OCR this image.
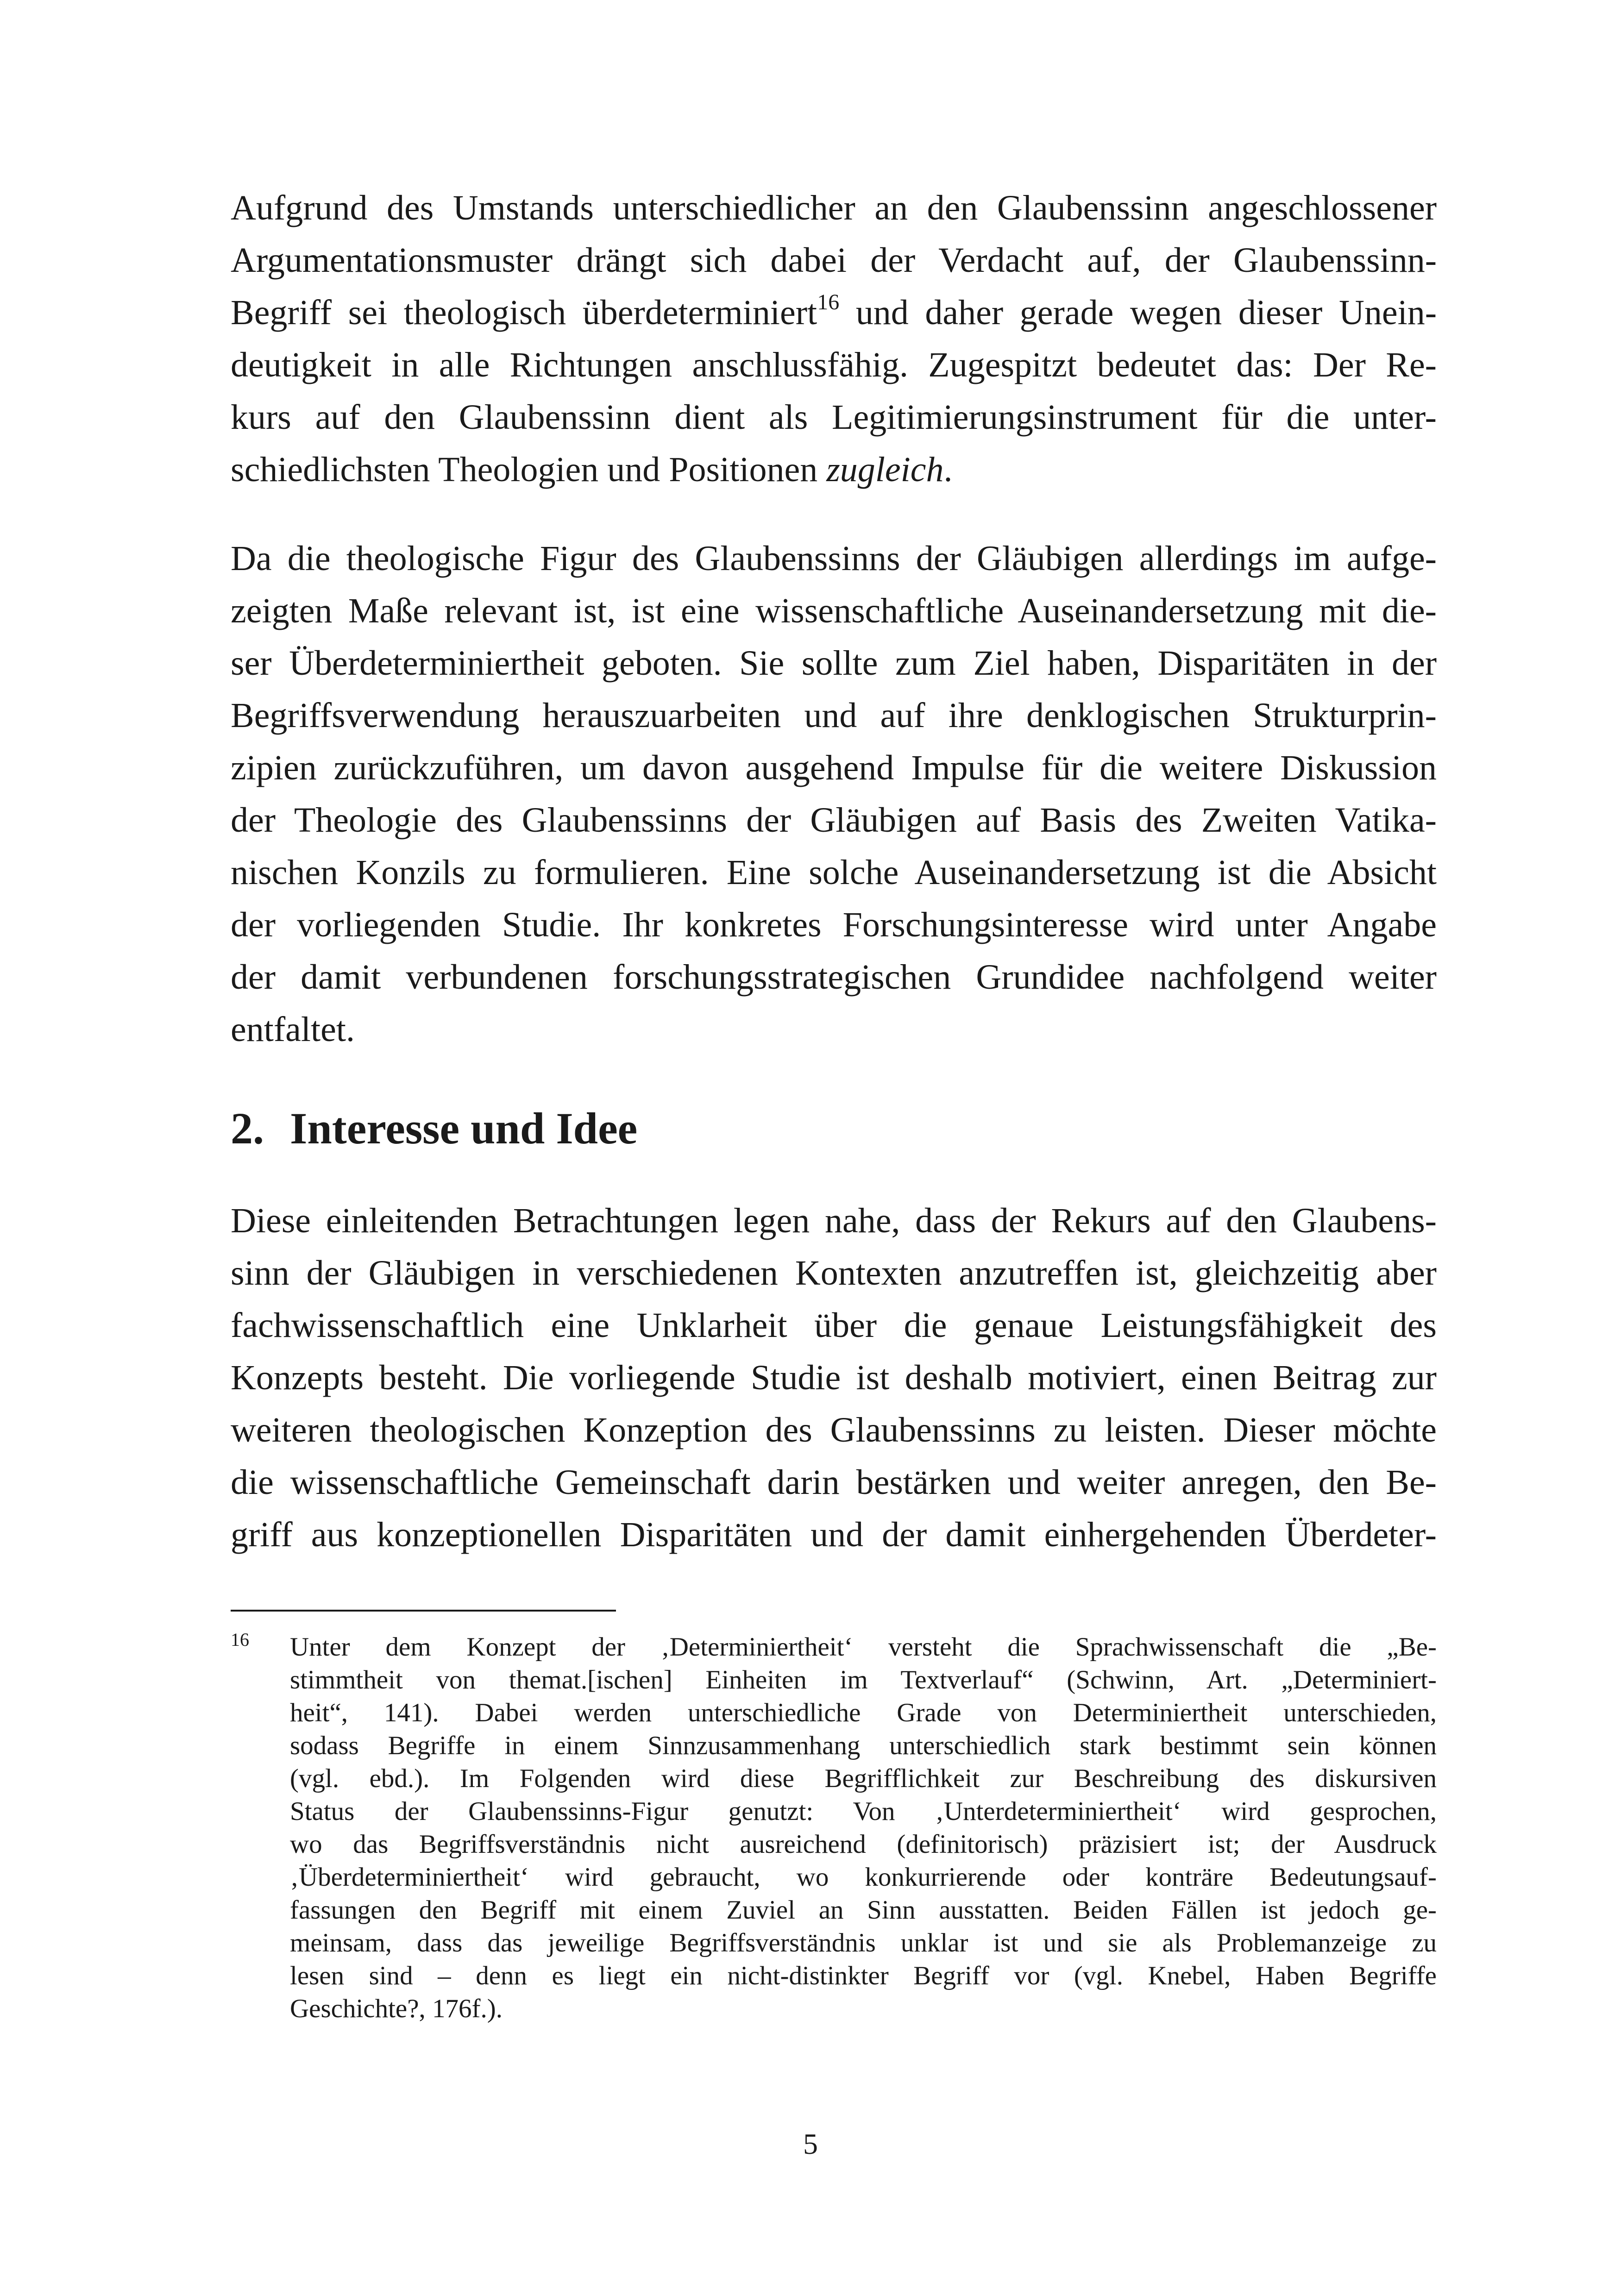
Aufgrund des Umstands unterschiedlicher an den Glaubenssinn angeschlossener
Argumentationsmuster drängt sich dabei der Verdacht auf, der Glaubenssinn-
Begriff sei theologisch überdeterminiert$^{16}$ und daher gerade wegen dieser Unein-
deutigkeit in alle Richtungen anschlussfähig. Zugespitzt bedeutet das: Der Re-
kurs auf den Glaubenssinn dient als Legitimierungsinstrument für die unter-
schiedlichsten Theologien und Positionen zugleich.

Da die theologische Figur des Glaubenssinns der Gläubigen allerdings im aufge-
zeigten Maße relevant ist, ist eine wissenschaftliche Auseinandersetzung mit die-
ser Überdeterminiertheit geboten. Sie sollte zum Ziel haben, Disparitäten in der
Begriffsverwendung herauszuarbeiten und auf ihre denklogischen Strukturprin-
zipien zurückzuführen, um davon ausgehend Impulse für die weitere Diskussion
der Theologie des Glaubenssinns der Gläubigen auf Basis des Zweiten Vatika-
nischen Konzils zu formulieren. Eine solche Auseinandersetzung ist die Absicht
der vorliegenden Studie. Ihr konkretes Forschungsinteresse wird unter Angabe
der damit verbundenen forschungsstrategischen Grundidee nachfolgend weiter
entfaltet.

2. Interesse und Idee

Diese einleitenden Betrachtungen legen nahe, dass der Rekurs auf den Glaubens-
sinn der Gläubigen in verschiedenen Kontexten anzutreffen ist, gleichzeitig aber
fachwissenschaftlich eine Unklarheit über die genaue Leistungsfähigkeit des
Konzepts besteht. Die vorliegende Studie ist deshalb motiviert, einen Beitrag zur
weiteren theologischen Konzeption des Glaubenssinns zu leisten. Dieser möchte
die wissenschaftliche Gemeinschaft darin bestärken und weiter anregen, den Be-
griff aus konzeptionellen Disparitäten und der damit einhergehenden Überdeter-

16 Unter dem Konzept der ‚Determiniertheit‘ versteht die Sprachwissenschaft die „Be-
stimmtheit von themat.[ischen] Einheiten im Textverlauf“ (Schwinn, Art. „Determiniert-
heit“, 141). Dabei werden unterschiedliche Grade von Determiniertheit unterschieden,
sodass Begriffe in einem Sinnzusammenhang unterschiedlich stark bestimmt sein können
(vgl. ebd.). Im Folgenden wird diese Begrifflichkeit zur Beschreibung des diskursiven
Status der Glaubenssinns-Figur genutzt: Von ‚Unterdeterminiertheit‘ wird gesprochen,
wo das Begriffsverständnis nicht ausreichend (definitorisch) präzisiert ist; der Ausdruck
‚Überdeterminiertheit‘ wird gebraucht, wo konkurrierende oder konträre Bedeutungsauf-
fassungen den Begriff mit einem Zuviel an Sinn ausstatten. Beiden Fällen ist jedoch ge-
meinsam, dass das jeweilige Begriffsverständnis unklar ist und sie als Problemanzeige zu
lesen sind – denn es liegt ein nicht-distinkter Begriff vor (vgl. Knebel, Haben Begriffe
Geschichte?, 176f.).
5
